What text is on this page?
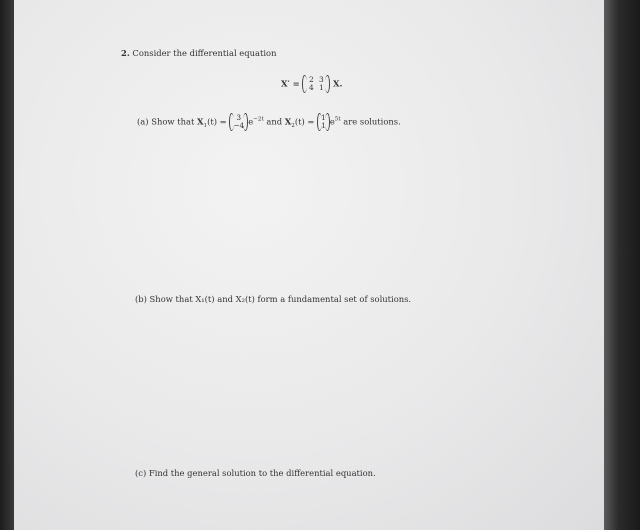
2. Consider the differential equation
X′ =	2 3
4 1	X.
(a) Show that $X_1(t)$ =	3
−4 $e^{-2t}$ and $X_2(t) = 1$
1 $e^{5t}$ are solutions.
(b) Show that X₁(t) and X₂(t) form a fundamental set of solutions.
(c) Find the general solution to the differential equation.
